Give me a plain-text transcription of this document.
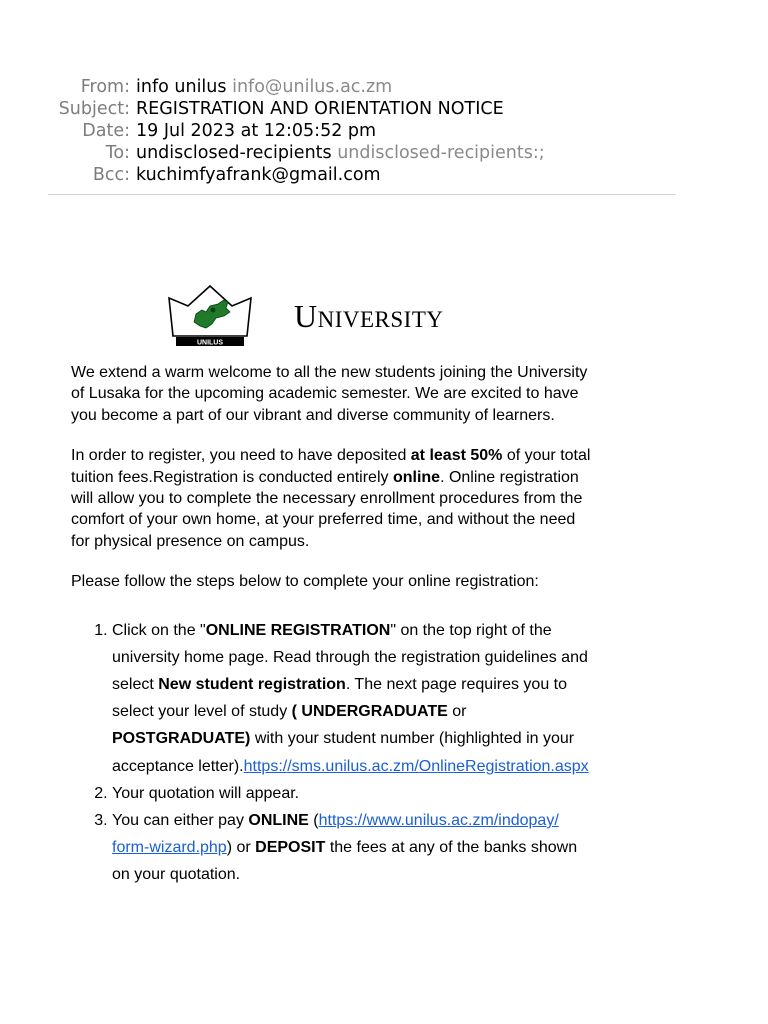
From: info unilus info@unilus.ac.zm
Subject: REGISTRATION AND ORIENTATION NOTICE
Date: 19 Jul 2023 at 12:05:52 pm
To: undisclosed-recipients undisclosed-recipients:;
Bcc: kuchimfyafrank@gmail.com
UNILUS
UNIVERSITY

We extend a warm welcome to all the new students joining the University of Lusaka for the upcoming academic semester. We are excited to have you become a part of our vibrant and diverse community of learners.

In order to register, you need to have deposited at least 50% of your total tuition fees.Registration is conducted entirely online. Online registration will allow you to complete the necessary enrollment procedures from the comfort of your own home, at your preferred time, and without the need for physical presence on campus.

Please follow the steps below to complete your online registration:

1. Click on the "ONLINE REGISTRATION" on the top right of the university home page. Read through the registration guidelines and select New student registration. The next page requires you to select your level of study ( UNDERGRADUATE or POSTGRADUATE) with your student number (highlighted in your acceptance letter).https://sms.unilus.ac.zm/OnlineRegistration.aspx
2. Your quotation will appear.
3. You can either pay ONLINE (https://www.unilus.ac.zm/indopay/form-wizard.php) or DEPOSIT the fees at any of the banks shown on your quotation.
